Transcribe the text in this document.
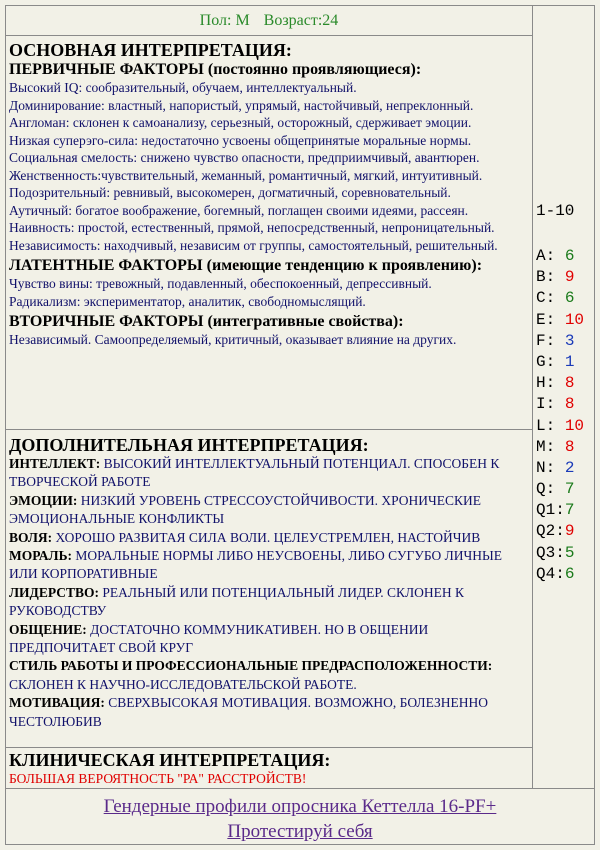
Пол: М Возраст:24
ОСНОВНАЯ ИНТЕРПРЕТАЦИЯ:
ПЕРВИЧНЫЕ ФАКТОРЫ (постоянно проявляющиеся):
Высокий IQ: сообразительный, обучаем, интеллектуальный.
Доминирование: властный, напористый, упрямый, настойчивый, непреклонный.
Англоман: склонен к самоанализу, серьезный, осторожный, сдерживает эмоции.
Низкая суперэго-сила: недостаточно усвоены общепринятые моральные нормы.
Социальная смелость: снижено чувство опасности, предприимчивый, авантюрен.
Женственность:чувствительный, жеманный, романтичный, мягкий, интуитивный.
Подозрительный: ревнивый, высокомерен, догматичный, соревновательный.
Аутичный: богатое воображение, богемный, поглащен своими идеями, рассеян.
Наивность: простой, естественный, прямой, непосредственный, непроницательный.
Независимость: находчивый, независим от группы, самостоятельный, решительный.
ЛАТЕНТНЫЕ ФАКТОРЫ (имеющие тенденцию к проявлению):
Чувство вины: тревожный, подавленный, обеспокоенный, депрессивный.
Радикализм: экспериментатор, аналитик, свободномыслящий.
ВТОРИЧНЫЕ ФАКТОРЫ (интегративные свойства):
Независимый. Самоопределяемый, критичный, оказывает влияние на других.
ДОПОЛНИТЕЛЬНАЯ ИНТЕРПРЕТАЦИЯ:
ИНТЕЛЛЕКТ: ВЫСОКИЙ ИНТЕЛЛЕКТУАЛЬНЫЙ ПОТЕНЦИАЛ. СПОСОБЕН К ТВОРЧЕСКОЙ РАБОТЕ
ЭМОЦИИ: НИЗКИЙ УРОВЕНЬ СТРЕССОУСТОЙЧИВОСТИ. ХРОНИЧЕСКИЕ ЭМОЦИОНАЛЬНЫЕ КОНФЛИКТЫ
ВОЛЯ: ХОРОШО РАЗВИТАЯ СИЛА ВОЛИ. ЦЕЛЕУСТРЕМЛЕН, НАСТОЙЧИВ
МОРАЛЬ: МОРАЛЬНЫЕ НОРМЫ ЛИБО НЕУСВОЕНЫ, ЛИБО СУГУБО ЛИЧНЫЕ ИЛИ КОРПОРАТИВНЫЕ
ЛИДЕРСТВО: РЕАЛЬНЫЙ ИЛИ ПОТЕНЦИАЛЬНЫЙ ЛИДЕР. СКЛОНЕН К РУКОВОДСТВУ
ОБЩЕНИЕ: ДОСТАТОЧНО КОММУНИКАТИВЕН. НО В ОБЩЕНИИ ПРЕДПОЧИТАЕТ СВОЙ КРУГ
СТИЛЬ РАБОТЫ И ПРОФЕССИОНАЛЬНЫЕ ПРЕДРАСПОЛОЖЕННОСТИ: СКЛОНЕН К НАУЧНО-ИССЛЕДОВАТЕЛЬСКОЙ РАБОТЕ.
МОТИВАЦИЯ: СВЕРХВЫСОКАЯ МОТИВАЦИЯ. ВОЗМОЖНО, БОЛЕЗНЕННО ЧЕСТОЛЮБИВ
КЛИНИЧЕСКАЯ ИНТЕРПРЕТАЦИЯ:
БОЛЬШАЯ ВЕРОЯТНОСТЬ "РА" РАССТРОЙСТВ!
1-10
A: 6
B: 9
C: 6
E: 10
F: 3
G: 1
H: 8
I: 8
L: 10
M: 8
N: 2
Q: 7
Q1:7
Q2:9
Q3:5
Q4:6
Гендерные профили опросника Кеттелла 16-PF+
Протестируй себя
